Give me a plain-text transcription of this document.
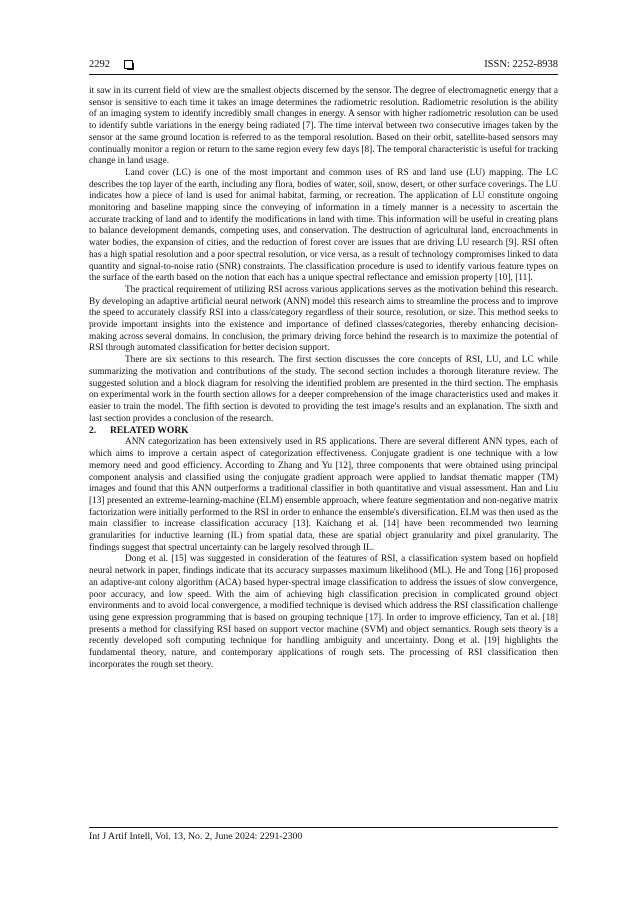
2292	ISSN: 2252-8938

it saw in its current field of view are the smallest objects discerned by the sensor. The degree of electromagnetic energy that a sensor is sensitive to each time it takes an image determines the radiometric resolution. Radiometric resolution is the ability of an imaging system to identify incredibly small changes in energy. A sensor with higher radiometric resolution can be used to identify subtle variations in the energy being radiated [7]. The time interval between two consecutive images taken by the sensor at the same ground location is referred to as the temporal resolution. Based on their orbit, satellite-based sensors may continually monitor a region or return to the same region every few days [8]. The temporal characteristic is useful for tracking change in land usage.

Land cover (LC) is one of the most important and common uses of RS and land use (LU) mapping. The LC describes the top layer of the earth, including any flora, bodies of water, soil, snow, desert, or other surface coverings. The LU indicates how a piece of land is used for animal habitat, farming, or recreation. The application of LU constitute ongoing monitoring and baseline mapping since the conveying of information in a timely manner is a necessity to ascertain the accurate tracking of land and to identify the modifications in land with time. This information will be useful in creating plans to balance development demands, competing uses, and conservation. The destruction of agricultural land, encroachments in water bodies, the expansion of cities, and the reduction of forest cover are issues that are driving LU research [9]. RSI often has a high spatial resolution and a poor spectral resolution, or vice versa, as a result of technology compromises linked to data quantity and signal-to-noise ratio (SNR) constraints. The classification procedure is used to identify various feature types on the surface of the earth based on the notion that each has a unique spectral reflectance and emission property [10], [11].

The practical requirement of utilizing RSI across various applications serves as the motivation behind this research. By developing an adaptive artificial neural network (ANN) model this research aims to streamline the process and to improve the speed to accurately classify RSI into a class/category regardless of their source, resolution, or size. This method seeks to provide important insights into the existence and importance of defined classes/categories, thereby enhancing decision-making across several domains. In conclusion, the primary driving force behind the research is to maximize the potential of RSI through automated classification for better decision support.

There are six sections to this research. The first section discusses the core concepts of RSI, LU, and LC while summarizing the motivation and contributions of the study. The second section includes a thorough literature review. The suggested solution and a block diagram for resolving the identified problem are presented in the third section. The emphasis on experimental work in the fourth section allows for a deeper comprehension of the image characteristics used and makes it easier to train the model. The fifth section is devoted to providing the test image's results and an explanation. The sixth and last section provides a conclusion of the research.

2. RELATED WORK

ANN categorization has been extensively used in RS applications. There are several different ANN types, each of which aims to improve a certain aspect of categorization effectiveness. Conjugate gradient is one technique with a low memory need and good efficiency. According to Zhang and Yu [12], three components that were obtained using principal component analysis and classified using the conjugate gradient approach were applied to landsat thematic mapper (TM) images and found that this ANN outperforms a traditional classifier in both quantitative and visual assessment. Han and Liu [13] presented an extreme-learning-machine (ELM) ensemble approach, where feature segmentation and non-negative matrix factorization were initially performed to the RSI in order to enhance the ensemble's diversification. ELM was then used as the main classifier to increase classification accuracy [13]. Kaichang et al. [14] have been recommended two learning granularities for inductive learning (IL) from spatial data, these are spatial object granularity and pixel granularity. The findings suggest that spectral uncertainty can be largely resolved through IL.

Dong et al. [15] was suggested in consideration of the features of RSI, a classification system based on hopfield neural network in paper, findings indicate that its accuracy surpasses maximum likelihood (ML). He and Tong [16] proposed an adaptive-ant colony algorithm (ACA) based hyper-spectral image classification to address the issues of slow convergence, poor accuracy, and low speed. With the aim of achieving high classification precision in complicated ground object environments and to avoid local convergence, a modified technique is devised which address the RSI classification challenge using gene expression programming that is based on grouping technique [17]. In order to improve efficiency, Tan et al. [18] presents a method for classifying RSI based on support vector machine (SVM) and object semantics. Rough sets theory is a recently developed soft computing technique for handling ambiguity and uncertainty. Dong et al. [19] highlights the fundamental theory, nature, and contemporary applications of rough sets. The processing of RSI classification then incorporates the rough set theory.

Int J Artif Intell, Vol. 13, No. 2, June 2024: 2291-2300
